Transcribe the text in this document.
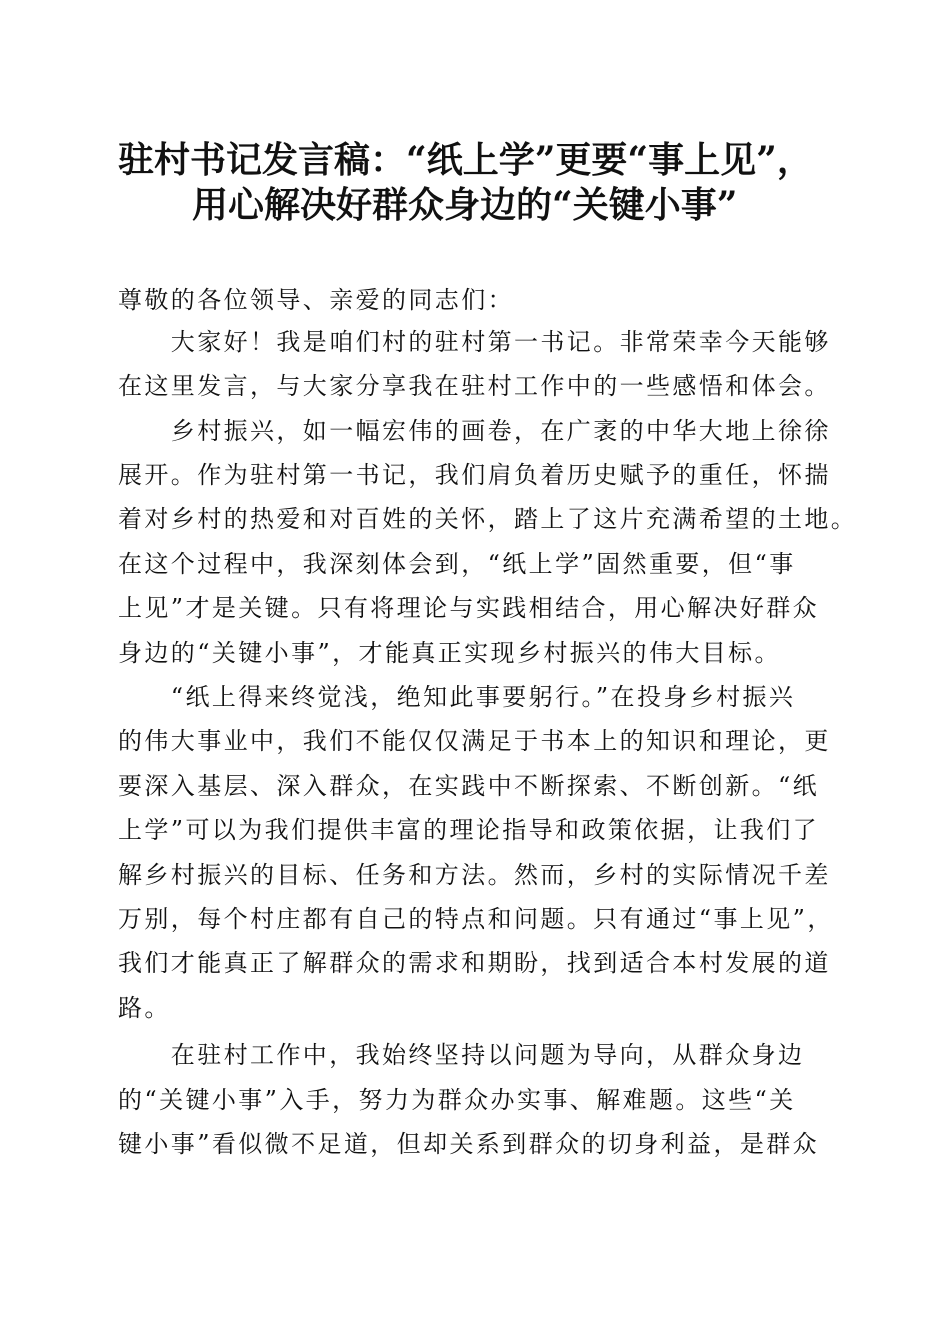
驻村书记发言稿：“纸上学”更要“事上见”，
用心解决好群众身边的“关键小事”
尊敬的各位领导、亲爱的同志们：
　　大家好！我是咱们村的驻村第一书记。非常荣幸今天能够
在这里发言，与大家分享我在驻村工作中的一些感悟和体会。
　　乡村振兴，如一幅宏伟的画卷，在广袤的中华大地上徐徐
展开。作为驻村第一书记，我们肩负着历史赋予的重任，怀揣
着对乡村的热爱和对百姓的关怀，踏上了这片充满希望的土地。
在这个过程中，我深刻体会到，“纸上学”固然重要，但“事
上见”才是关键。只有将理论与实践相结合，用心解决好群众
身边的“关键小事”，才能真正实现乡村振兴的伟大目标。
　　“纸上得来终觉浅，绝知此事要躬行。”在投身乡村振兴
的伟大事业中，我们不能仅仅满足于书本上的知识和理论，更
要深入基层、深入群众，在实践中不断探索、不断创新。“纸
上学”可以为我们提供丰富的理论指导和政策依据，让我们了
解乡村振兴的目标、任务和方法。然而，乡村的实际情况千差
万别，每个村庄都有自己的特点和问题。只有通过“事上见”，
我们才能真正了解群众的需求和期盼，找到适合本村发展的道
路。
　　在驻村工作中，我始终坚持以问题为导向，从群众身边
的“关键小事”入手，努力为群众办实事、解难题。这些“关
键小事”看似微不足道，但却关系到群众的切身利益，是群众
